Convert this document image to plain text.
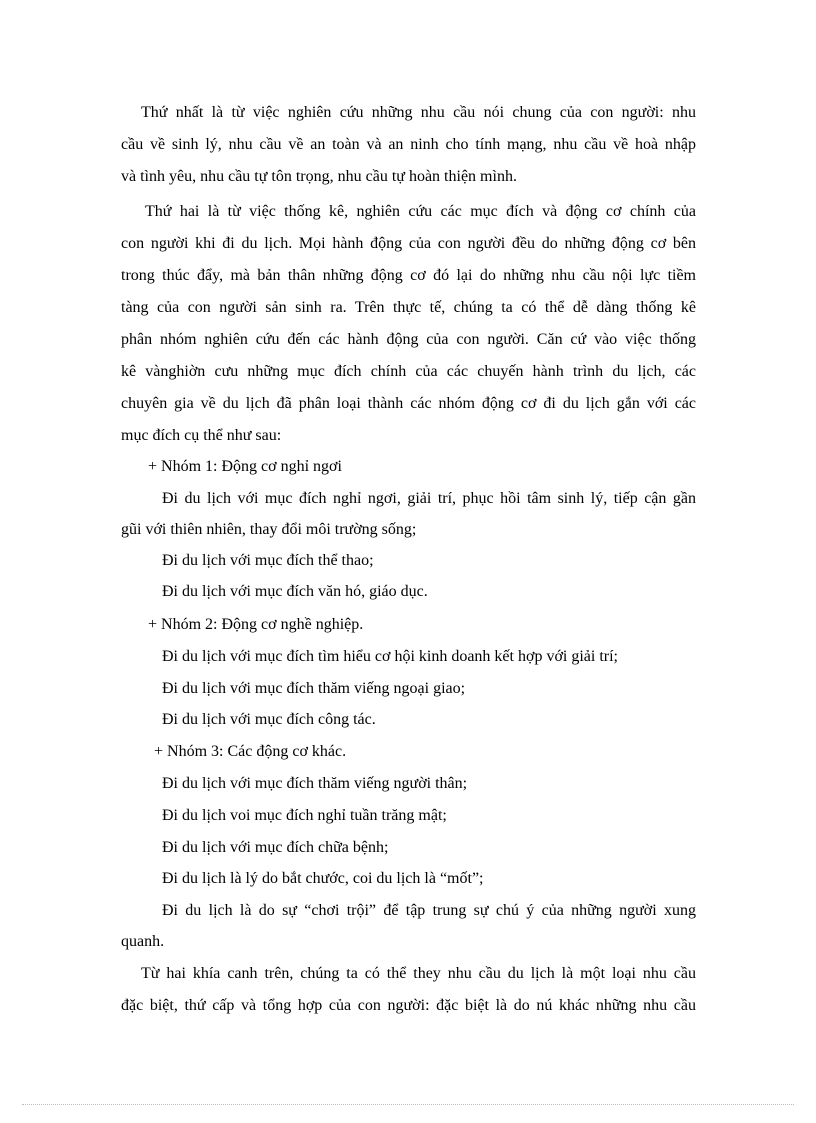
Thứ nhất là từ việc nghiên cứu những nhu cầu nói chung của con người: nhu
cầu về sinh lý, nhu cầu về an toàn và an ninh cho tính mạng, nhu cầu về hoà nhập
và tình yêu, nhu cầu tự tôn trọng, nhu cầu tự hoàn thiện mình.
Thứ hai là từ việc thống kê, nghiên cứu các mục đích và động cơ chính của
con người khi đi du lịch. Mọi hành động của con người đều do những động cơ bên
trong thúc đẩy, mà bản thân những động cơ đó lại do những nhu cầu nội lực tiềm
tàng của con người sản sinh ra. Trên thực tế, chúng ta có thể dễ dàng thống kê
phân nhóm nghiên cứu đến các hành động của con người. Căn cứ vào việc thống
kê vànghiờn cưu những mục đích chính của các chuyến hành trình du lịch, các
chuyên gia về du lịch đã phân loại thành các nhóm động cơ đi du lịch gắn với các
mục đích cụ thể như sau:
+ Nhóm 1: Động cơ nghỉ ngơi
Đi du lịch với mục đích nghỉ ngơi, giải trí, phục hồi tâm sinh lý, tiếp cận gần
gũi với thiên nhiên, thay đổi môi trường sống;
Đi du lịch với mục đích thể thao;
Đi du lịch với mục đích văn hó, giáo dục.
+ Nhóm 2: Động cơ nghề nghiệp.
Đi du lịch với mục đích tìm hiểu cơ hội kinh doanh kết hợp với giải trí;
Đi du lịch với mục đích thăm viếng ngoại giao;
Đi du lịch với mục đích công tác.
+ Nhóm 3: Các động cơ khác.
Đi du lịch với mục đích thăm viếng người thân;
Đi du lịch voi mục đích nghỉ tuần trăng mật;
Đi du lịch với mục đích chữa bệnh;
Đi du lịch là lý do bắt chước, coi du lịch là “mốt”;
Đi du lịch là do sự “chơi trội” để tập trung sự chú ý của những người xung
quanh.
Từ hai khía canh trên, chúng ta có thể they nhu cầu du lịch là một loại nhu cầu
đặc biệt, thứ cấp và tổng hợp của con người: đặc biệt là do nú khác những nhu cầu
